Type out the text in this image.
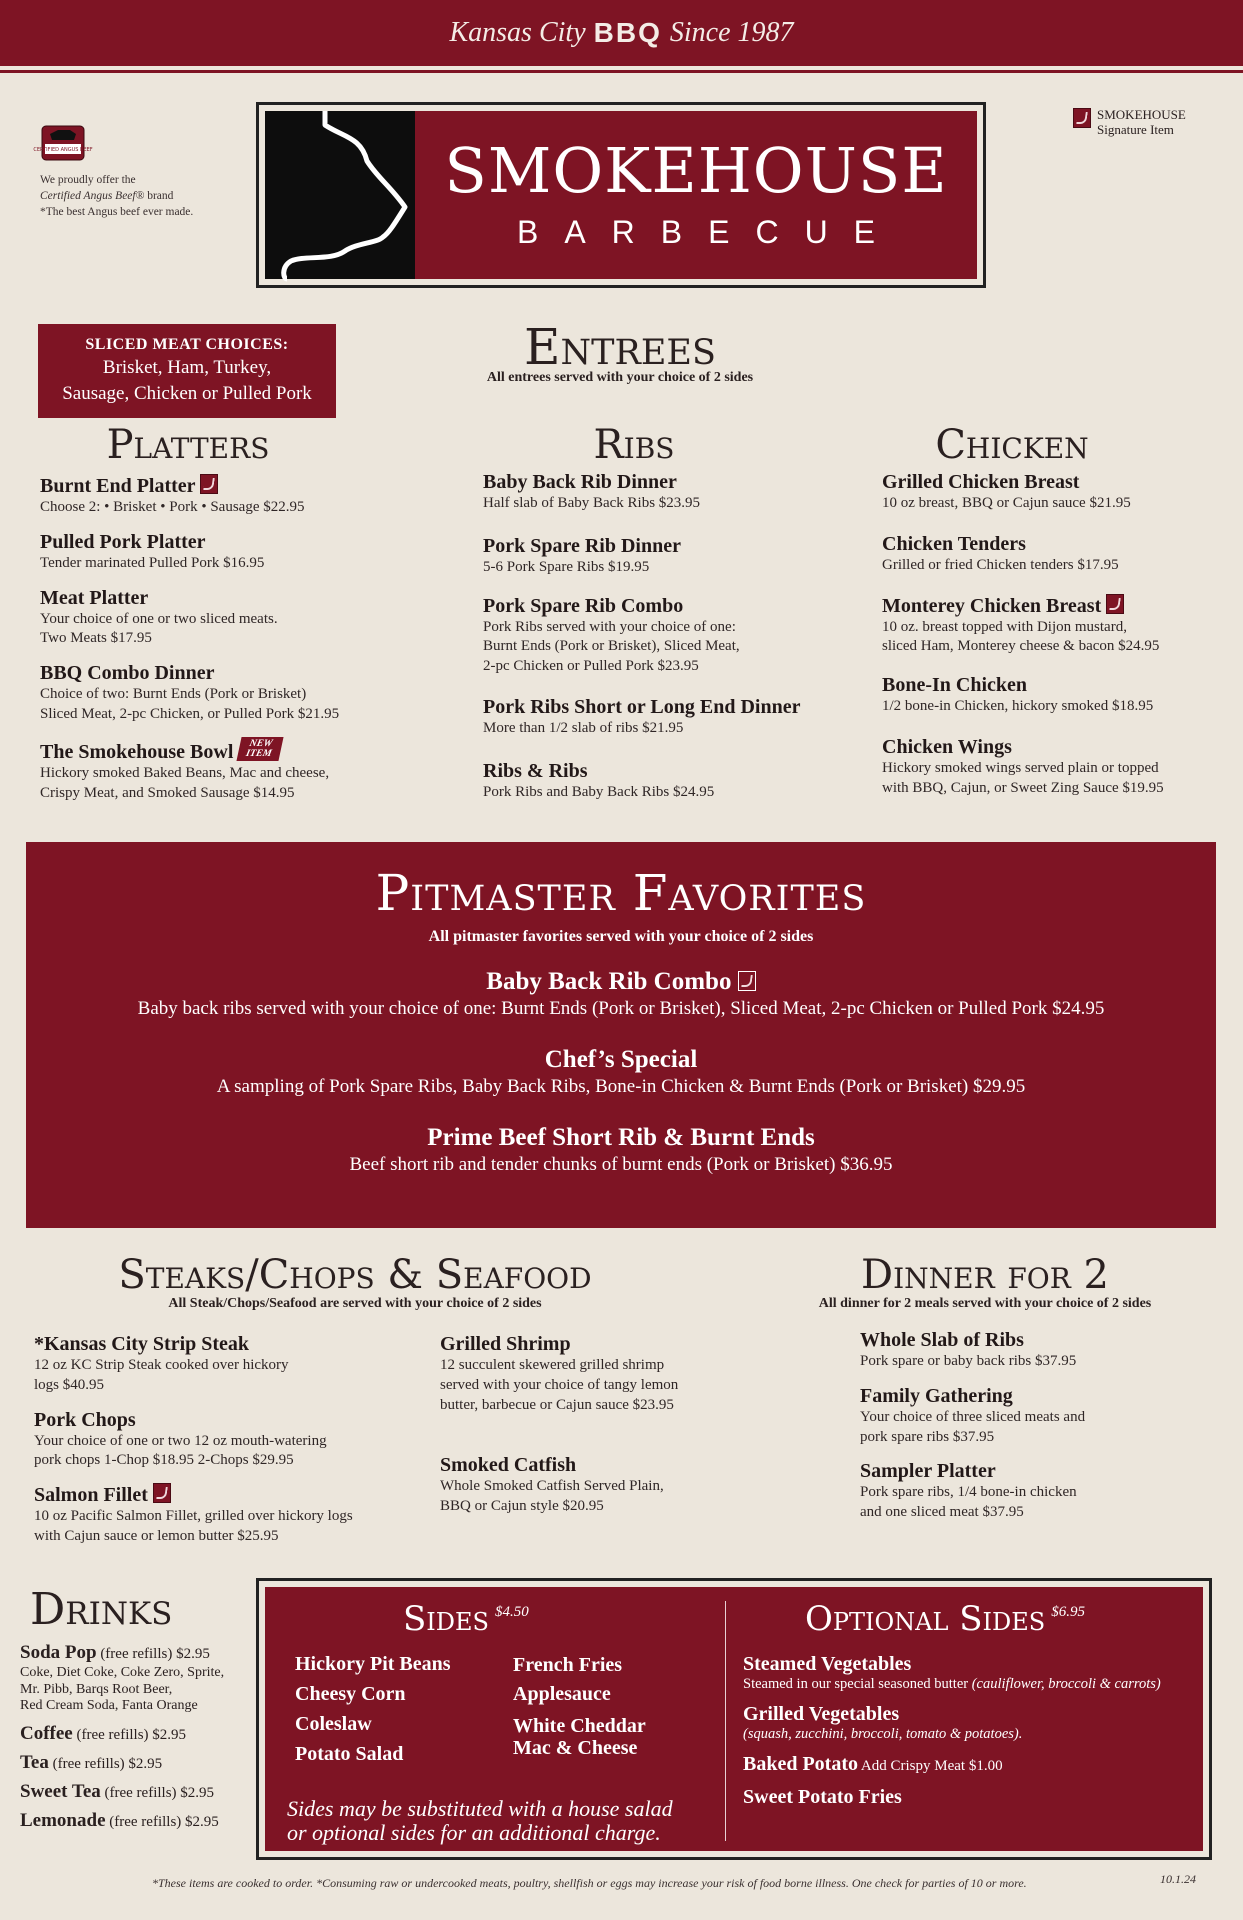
Kansas City BBQ Since 1987
CERTIFIED ANGUS BEEF
We proudly offer the
Certified Angus Beef® brand
*The best Angus beef ever made.
SMOKEHOUSE
BARBECUE
SMOKEHOUSE
Signature Item
SLICED MEAT CHOICES:
Brisket, Ham, Turkey,
Sausage, Chicken or Pulled Pork
Entrees
All entrees served with your choice of 2 sides
Platters
Burnt End Platter
Choose 2: • Brisket • Pork • Sausage $22.95
Pulled Pork Platter
Tender marinated Pulled Pork $16.95
Meat Platter
Your choice of one or two sliced meats.
Two Meats $17.95
BBQ Combo Dinner
Choice of two: Burnt Ends (Pork or Brisket)
Sliced Meat, 2-pc Chicken, or Pulled Pork $21.95
The Smokehouse Bowl NEW
ITEM
Hickory smoked Baked Beans, Mac and cheese,
Crispy Meat, and Smoked Sausage $14.95
Ribs
Baby Back Rib Dinner
Half slab of Baby Back Ribs $23.95
Pork Spare Rib Dinner
5-6 Pork Spare Ribs $19.95
Pork Spare Rib Combo
Pork Ribs served with your choice of one:
Burnt Ends (Pork or Brisket), Sliced Meat,
2-pc Chicken or Pulled Pork $23.95
Pork Ribs Short or Long End Dinner
More than 1/2 slab of ribs $21.95
Ribs & Ribs
Pork Ribs and Baby Back Ribs $24.95
Chicken
Grilled Chicken Breast
10 oz breast, BBQ or Cajun sauce $21.95
Chicken Tenders
Grilled or fried Chicken tenders $17.95
Monterey Chicken Breast
10 oz. breast topped with Dijon mustard,
sliced Ham, Monterey cheese & bacon $24.95
Bone-In Chicken
1/2 bone-in Chicken, hickory smoked $18.95
Chicken Wings
Hickory smoked wings served plain or topped
with BBQ, Cajun, or Sweet Zing Sauce $19.95
Pitmaster Favorites
All pitmaster favorites served with your choice of 2 sides
Baby Back Rib Combo
Baby back ribs served with your choice of one: Burnt Ends (Pork or Brisket), Sliced Meat, 2-pc Chicken or Pulled Pork $24.95
Chef’s Special
A sampling of Pork Spare Ribs, Baby Back Ribs, Bone-in Chicken & Burnt Ends (Pork or Brisket) $29.95
Prime Beef Short Rib & Burnt Ends
Beef short rib and tender chunks of burnt ends (Pork or Brisket) $36.95
Steaks/Chops & Seafood
All Steak/Chops/Seafood are served with your choice of 2 sides
*Kansas City Strip Steak
12 oz KC Strip Steak cooked over hickory
logs $40.95
Pork Chops
Your choice of one or two 12 oz mouth-watering
pork chops 1-Chop $18.95 2-Chops $29.95
Salmon Fillet
10 oz Pacific Salmon Fillet, grilled over hickory logs
with Cajun sauce or lemon butter $25.95
Grilled Shrimp
12 succulent skewered grilled shrimp
served with your choice of tangy lemon
butter, barbecue or Cajun sauce $23.95
Smoked Catfish
Whole Smoked Catfish Served Plain,
BBQ or Cajun style $20.95
Dinner for 2
All dinner for 2 meals served with your choice of 2 sides
Whole Slab of Ribs
Pork spare or baby back ribs $37.95
Family Gathering
Your choice of three sliced meats and
pork spare ribs $37.95
Sampler Platter
Pork spare ribs, 1/4 bone-in chicken
and one sliced meat $37.95
Drinks
Soda Pop (free refills) $2.95
Coke, Diet Coke, Coke Zero, Sprite,
Mr. Pibb, Barqs Root Beer,
Red Cream Soda, Fanta Orange
Coffee (free refills) $2.95
Tea (free refills) $2.95
Sweet Tea (free refills) $2.95
Lemonade (free refills) $2.95
Sides $^{\$4.50}$
Hickory Pit Beans
Cheesy Corn
Coleslaw
Potato Salad
French Fries
Applesauce
White Cheddar
Mac & Cheese
Sides may be substituted with a house salad
or optional sides for an additional charge.
Optional Sides $^{\$6.95}$
Steamed Vegetables
Steamed in our special seasoned butter (cauliflower, broccoli & carrots)
Grilled Vegetables
(squash, zucchini, broccoli, tomato & potatoes).
Baked Potato Add Crispy Meat $1.00
Sweet Potato Fries
*These items are cooked to order. *Consuming raw or undercooked meats, poultry, shellfish or eggs may increase your risk of food borne illness. One check for parties of 10 or more.	10.1.24
